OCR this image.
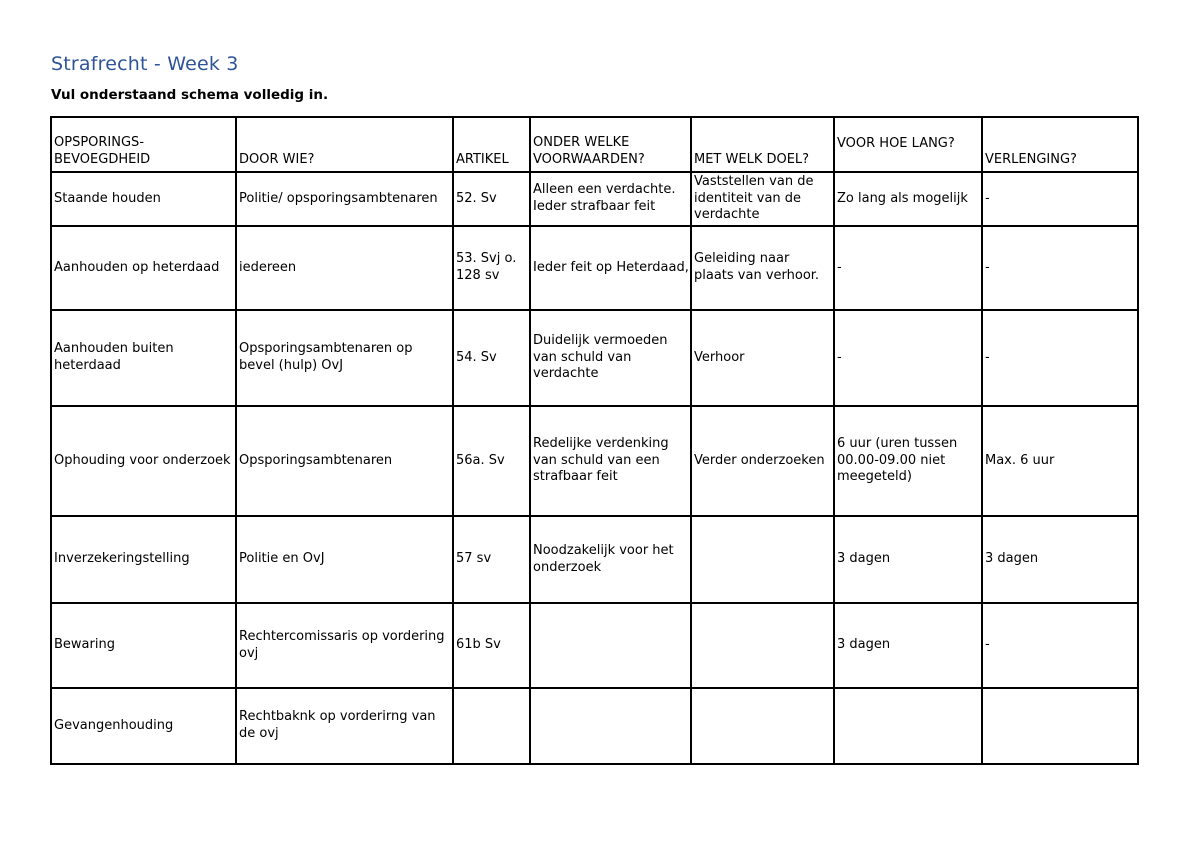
Strafrecht - Week 3

Vul onderstaand schema volledig in.

OPSPORINGS-
BEVOEGDHEID	DOOR WIE?	ARTIKEL	ONDER WELKE VOORWAARDEN?	MET WELK DOEL?	VOOR HOE LANG?	VERLENGING?
Staande houden	Politie/ opsporingsambtenaren	52. Sv	Alleen een verdachte. Ieder strafbaar feit	Vaststellen van de identiteit van de verdachte	Zo lang als mogelijk	-
Aanhouden op heterdaad	iedereen	53. Svj o. 128 sv	Ieder feit op Heterdaad,	Geleiding naar plaats van verhoor.	-	-
Aanhouden buiten heterdaad	Opsporingsambtenaren op bevel (hulp) OvJ	54. Sv	Duidelijk vermoeden van schuld van verdachte	Verhoor	-	-
Ophouding voor onderzoek	Opsporingsambtenaren	56a. Sv	Redelijke verdenking van schuld van een strafbaar feit	Verder onderzoeken	6 uur (uren tussen 00.00-09.00 niet meegeteld)	Max. 6 uur
Inverzekeringstelling	Politie en OvJ	57 sv	Noodzakelijk voor het onderzoek		3 dagen	3 dagen
Bewaring	Rechtercomissaris op vordering ovj	61b Sv			3 dagen	-
Gevangenhouding	Rechtbaknk op vorderirng van de ovj					
